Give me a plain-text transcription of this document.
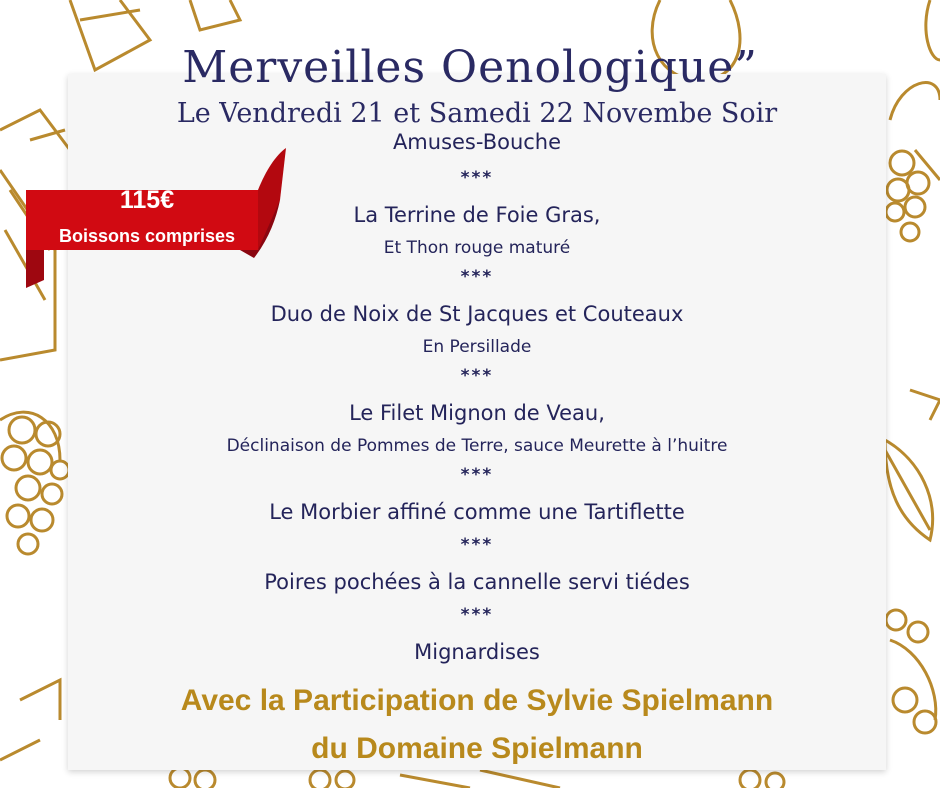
Merveilles Oenologique”
Le Vendredi 21 et Samedi 22 Novembe Soir
115€
Boissons comprises
Amuses-Bouche
***
La Terrine de Foie Gras,
Et Thon rouge maturé
***
Duo de Noix de St Jacques et Couteaux
En Persillade
***
Le Filet Mignon de Veau,
Déclinaison de Pommes de Terre, sauce Meurette à l’huitre
***
Le Morbier affiné comme une Tartiflette
***
Poires pochées à la cannelle servi tiédes
***
Mignardises
Avec la Participation de Sylvie Spielmann
du Domaine Spielmann
